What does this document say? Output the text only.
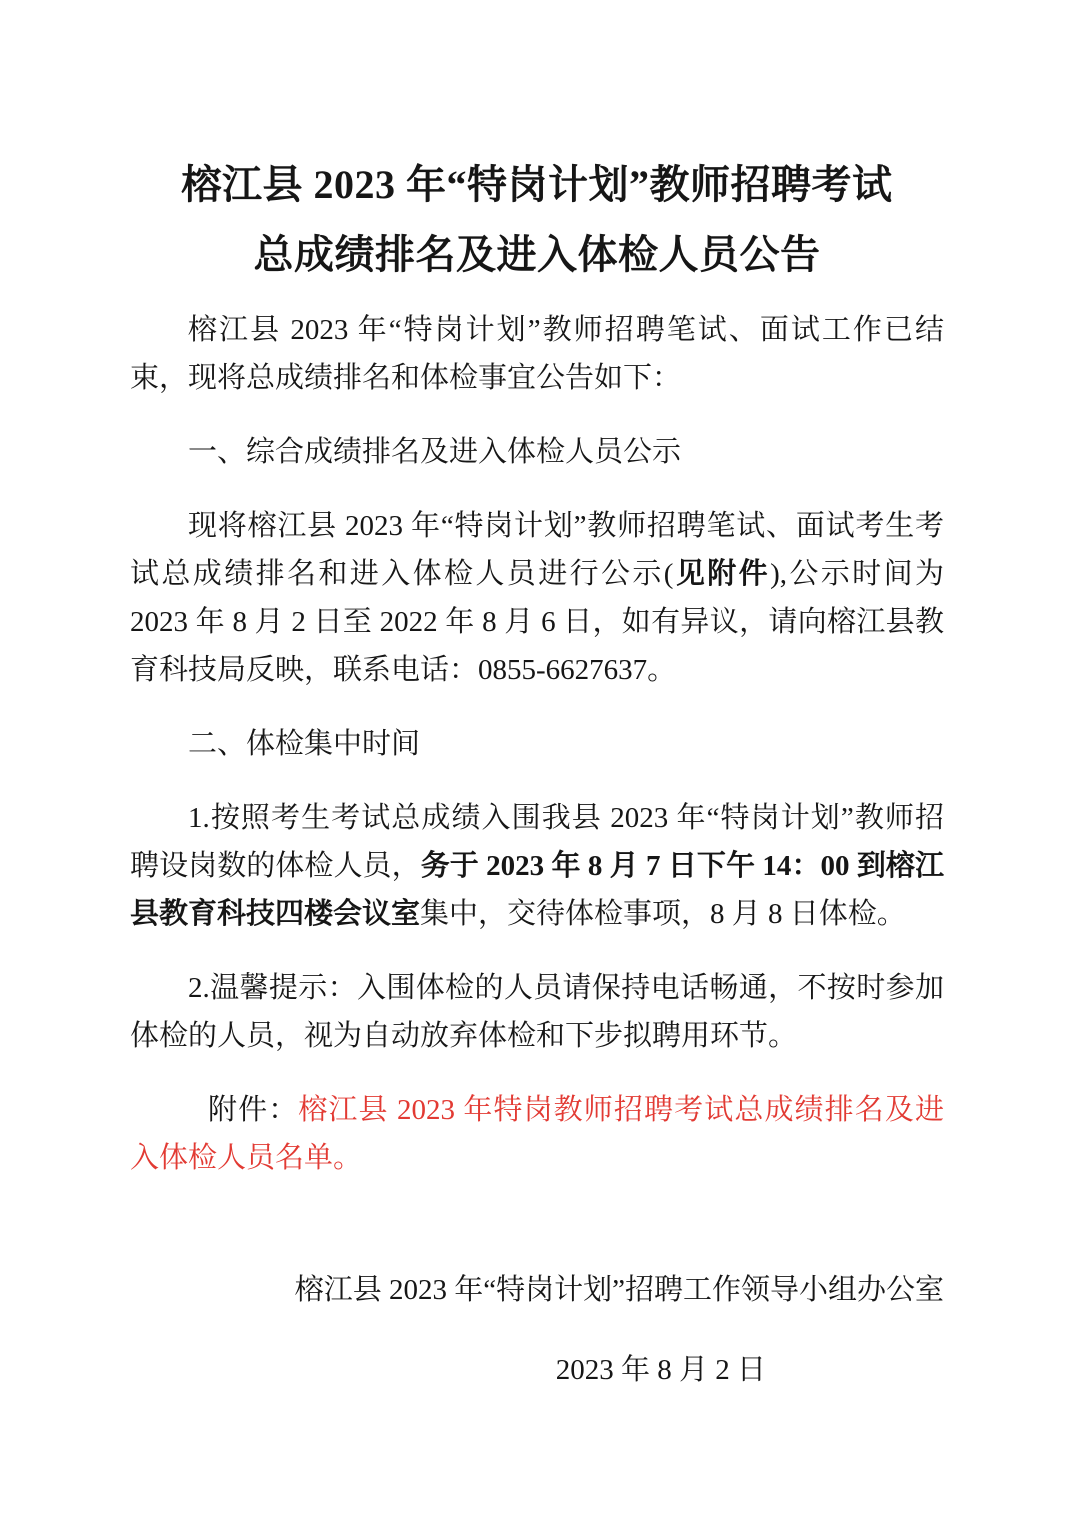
榕江县 2023 年“特岗计划”教师招聘考试
总成绩排名及进入体检人员公告

榕江县 2023 年“特岗计划”教师招聘笔试、面试工作已结束，现将总成绩排名和体检事宜公告如下：

一、综合成绩排名及进入体检人员公示

现将榕江县 2023 年“特岗计划”教师招聘笔试、面试考生考试总成绩排名和进入体检人员进行公示(见附件),公示时间为 2023 年 8 月 2 日至 2022 年 8 月 6 日，如有异议，请向榕江县教育科技局反映，联系电话：0855-6627637。

二、体检集中时间

1.按照考生考试总成绩入围我县 2023 年“特岗计划”教师招聘设岗数的体检人员，务于 2023 年 8 月 7 日下午 14：00 到榕江县教育科技四楼会议室集中，交待体检事项，8 月 8 日体检。

2.温馨提示：入围体检的人员请保持电话畅通，不按时参加体检的人员，视为自动放弃体检和下步拟聘用环节。

附件：榕江县 2023 年特岗教师招聘考试总成绩排名及进入体检人员名单。

榕江县 2023 年“特岗计划”招聘工作领导小组办公室

2023 年 8 月 2 日
